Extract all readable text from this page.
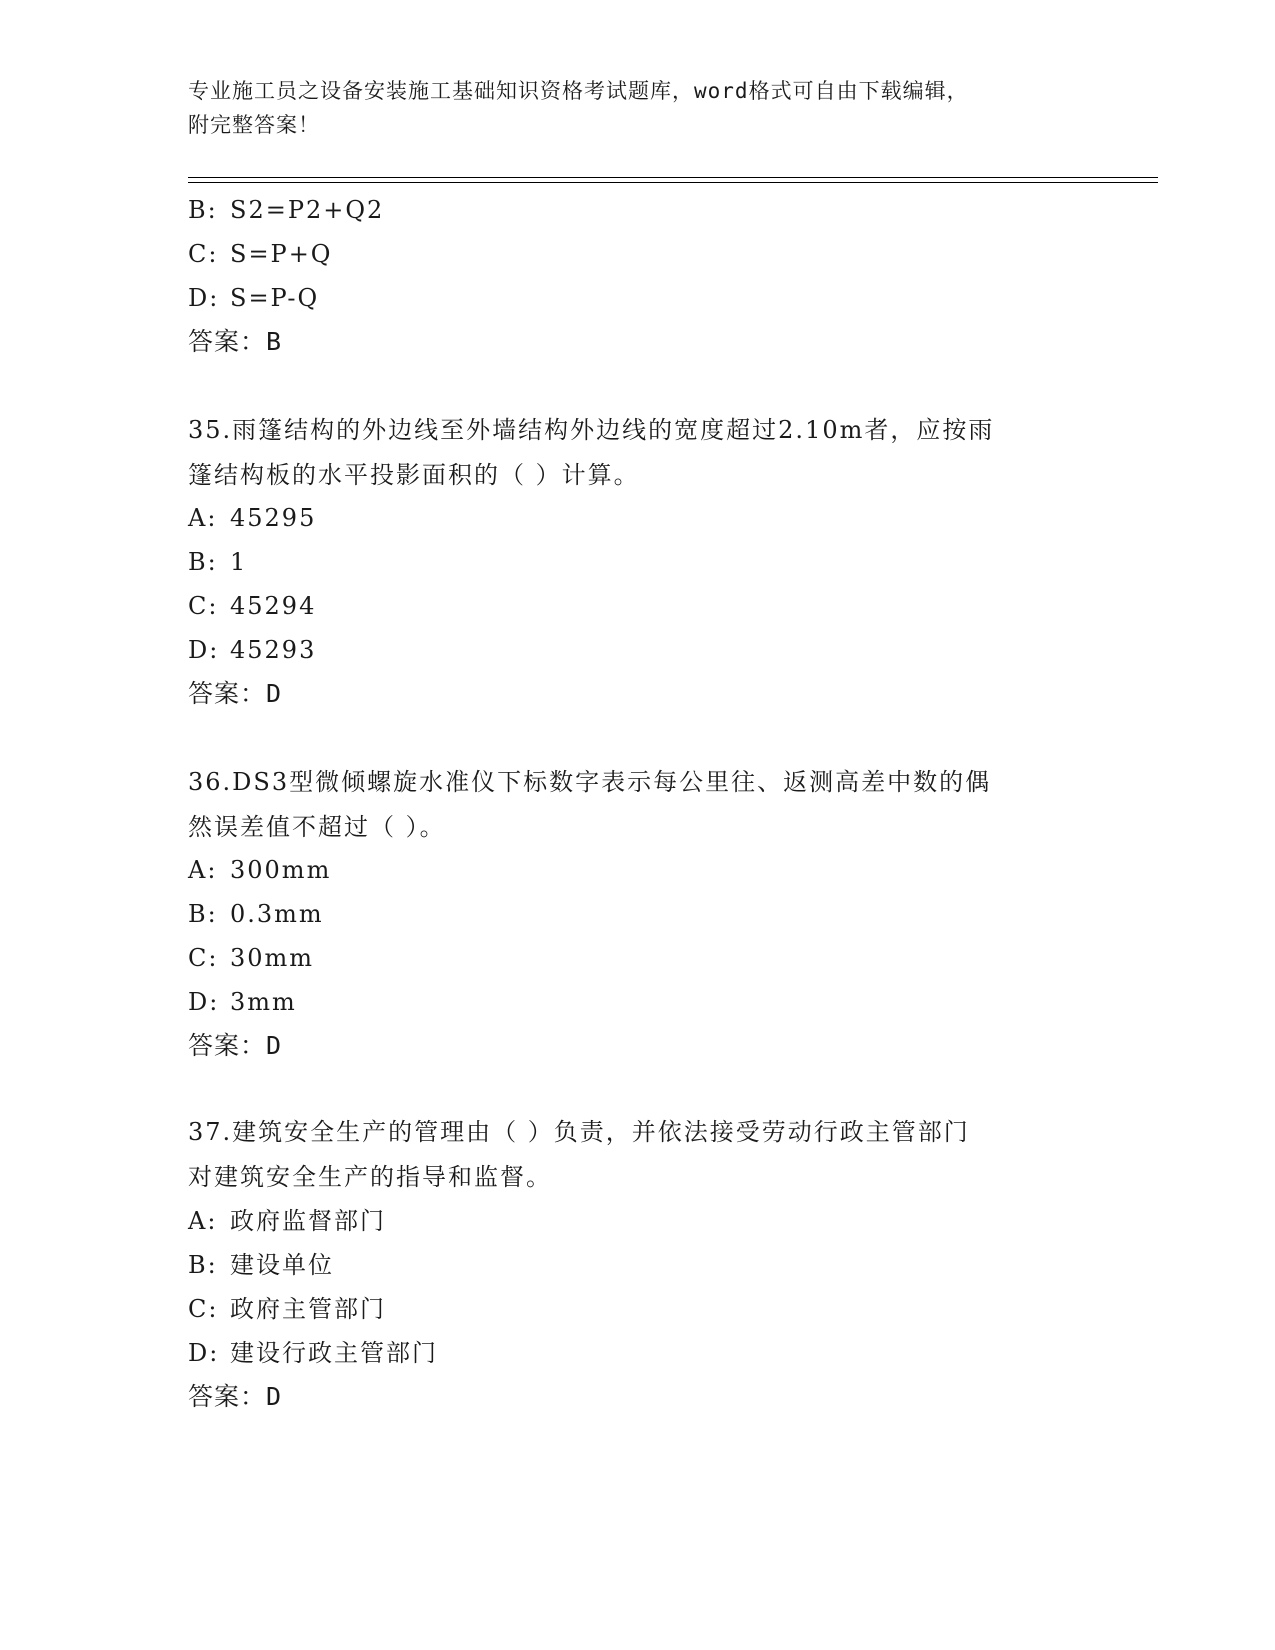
专业施工员之设备安装施工基础知识资格考试题库，word格式可自由下载编辑，
附完整答案！
B: S2=P2+Q2
C: S=P+Q
D: S=P-Q
答案：B
35.雨篷结构的外边线至外墙结构外边线的宽度超过2.10m者，应按雨
篷结构板的水平投影面积的（ ）计算。
A: 45295
B: 1
C: 45294
D: 45293
答案：D
36.DS3型微倾螺旋水准仪下标数字表示每公里往、返测高差中数的偶
然误差值不超过（ ）。
A: 300mm
B: 0.3mm
C: 30mm
D: 3mm
答案：D
37.建筑安全生产的管理由（ ）负责，并依法接受劳动行政主管部门
对建筑安全生产的指导和监督。
A: 政府监督部门
B: 建设单位
C: 政府主管部门
D: 建设行政主管部门
答案：D
